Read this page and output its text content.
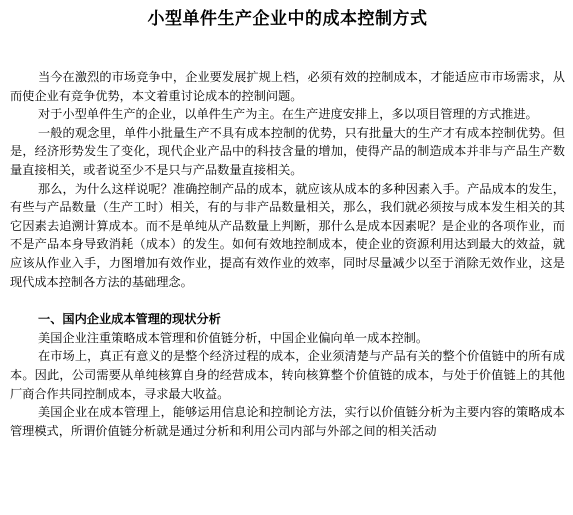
小型单件生产企业中的成本控制方式

当今在激烈的市场竞争中，企业要发展扩规上档，必须有效的控制成本，才能适应市市场需求，从而使企业有竞争优势，本文着重讨论成本的控制问题。

对于小型单件生产的企业，以单件生产为主。在生产进度安排上，多以项目管理的方式推进。

一般的观念里，单件小批量生产不具有成本控制的优势，只有批量大的生产才有成本控制优势。但是，经济形势发生了变化，现代企业产品中的科技含量的增加，使得产品的制造成本并非与产品生产数量直接相关，或者说至少不是只与产品数量直接相关。

那么，为什么这样说呢？准确控制产品的成本，就应该从成本的多种因素入手。产品成本的发生，有些与产品数量（生产工时）相关，有的与非产品数量相关，那么，我们就必须按与成本发生相关的其它因素去追溯计算成本。而不是单纯从产品数量上判断，那什么是成本因素呢？是企业的各项作业，而不是产品本身导致消耗（成本）的发生。如何有效地控制成本，使企业的资源利用达到最大的效益，就应该从作业入手，力图增加有效作业，提高有效作业的效率，同时尽量减少以至于消除无效作业，这是现代成本控制各方法的基础理念。

一、国内企业成本管理的现状分析

美国企业注重策略成本管理和价值链分析，中国企业偏向单一成本控制。

在市场上，真正有意义的是整个经济过程的成本，企业须清楚与产品有关的整个价值链中的所有成本。因此，公司需要从单纯核算自身的经营成本，转向核算整个价值链的成本，与处于价值链上的其他厂商合作共同控制成本，寻求最大收益。

美国企业在成本管理上，能够运用信息论和控制论方法，实行以价值链分析为主要内容的策略成本管理模式，所谓价值链分析就是通过分析和利用公司内部与外部之间的相关活动
